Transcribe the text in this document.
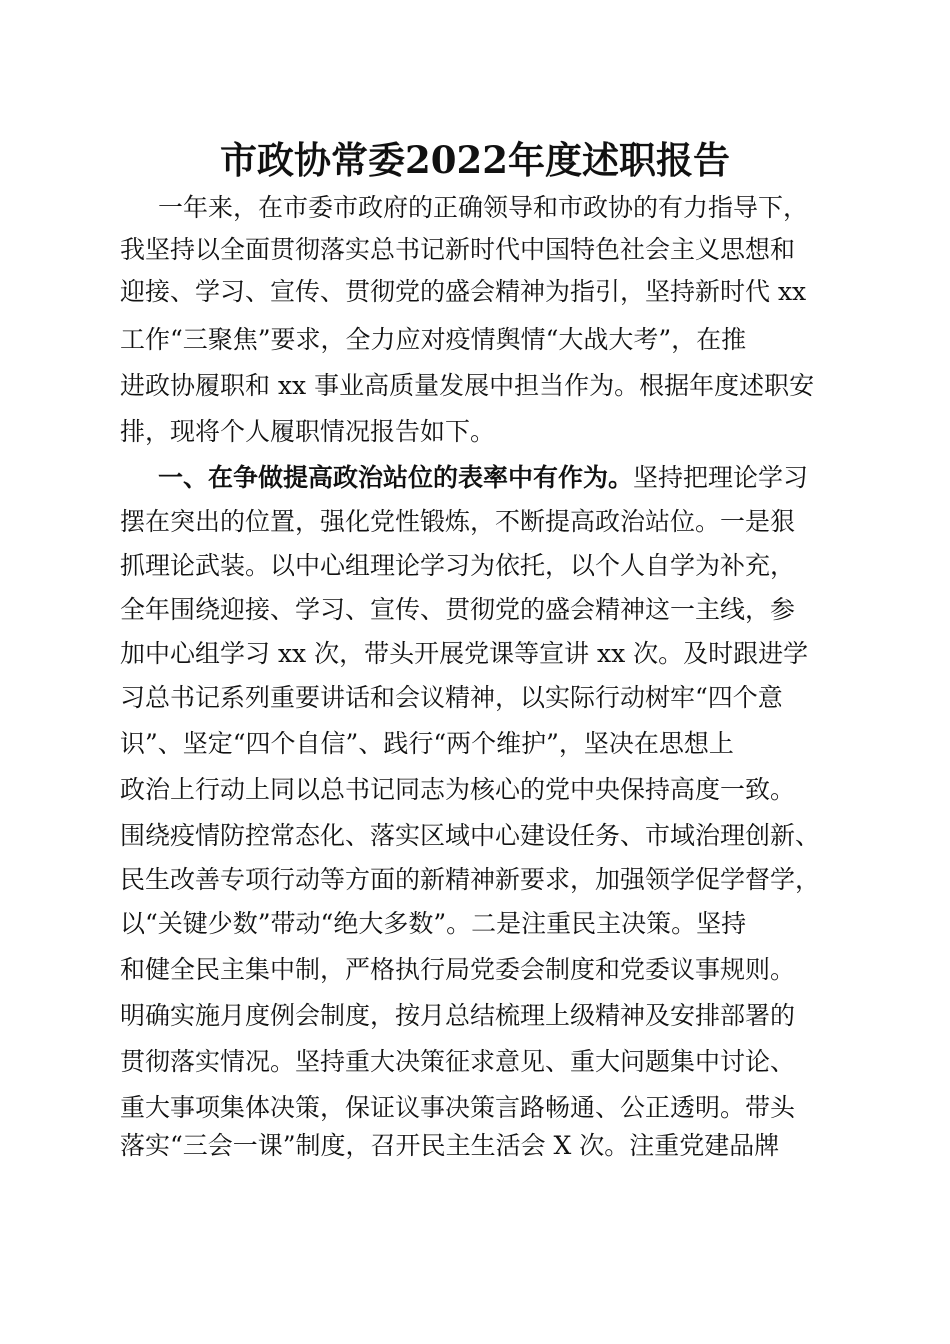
市政协常委2022年度述职报告
一年来，在市委市政府的正确领导和市政协的有力指导下，
我坚持以全面贯彻落实总书记新时代中国特色社会主义思想和
迎接、学习、宣传、贯彻党的盛会精神为指引，坚持新时代 xx
工作“三聚焦”要求，全力应对疫情舆情“大战大考”，在推
进政协履职和 xx 事业高质量发展中担当作为。根据年度述职安
排，现将个人履职情况报告如下。
一、在争做提高政治站位的表率中有作为。坚持把理论学习
摆在突出的位置，强化党性锻炼，不断提高政治站位。一是狠
抓理论武装。以中心组理论学习为依托，以个人自学为补充，
全年围绕迎接、学习、宣传、贯彻党的盛会精神这一主线，参
加中心组学习 xx 次，带头开展党课等宣讲 xx 次。及时跟进学
习总书记系列重要讲话和会议精神，以实际行动树牢“四个意
识”、坚定“四个自信”、践行“两个维护”，坚决在思想上
政治上行动上同以总书记同志为核心的党中央保持高度一致。
围绕疫情防控常态化、落实区域中心建设任务、市域治理创新、
民生改善专项行动等方面的新精神新要求，加强领学促学督学，
以“关键少数”带动“绝大多数”。二是注重民主决策。坚持
和健全民主集中制，严格执行局党委会制度和党委议事规则。
明确实施月度例会制度，按月总结梳理上级精神及安排部署的
贯彻落实情况。坚持重大决策征求意见、重大问题集中讨论、
重大事项集体决策，保证议事决策言路畅通、公正透明。带头
落实“三会一课”制度，召开民主生活会 X 次。注重党建品牌
